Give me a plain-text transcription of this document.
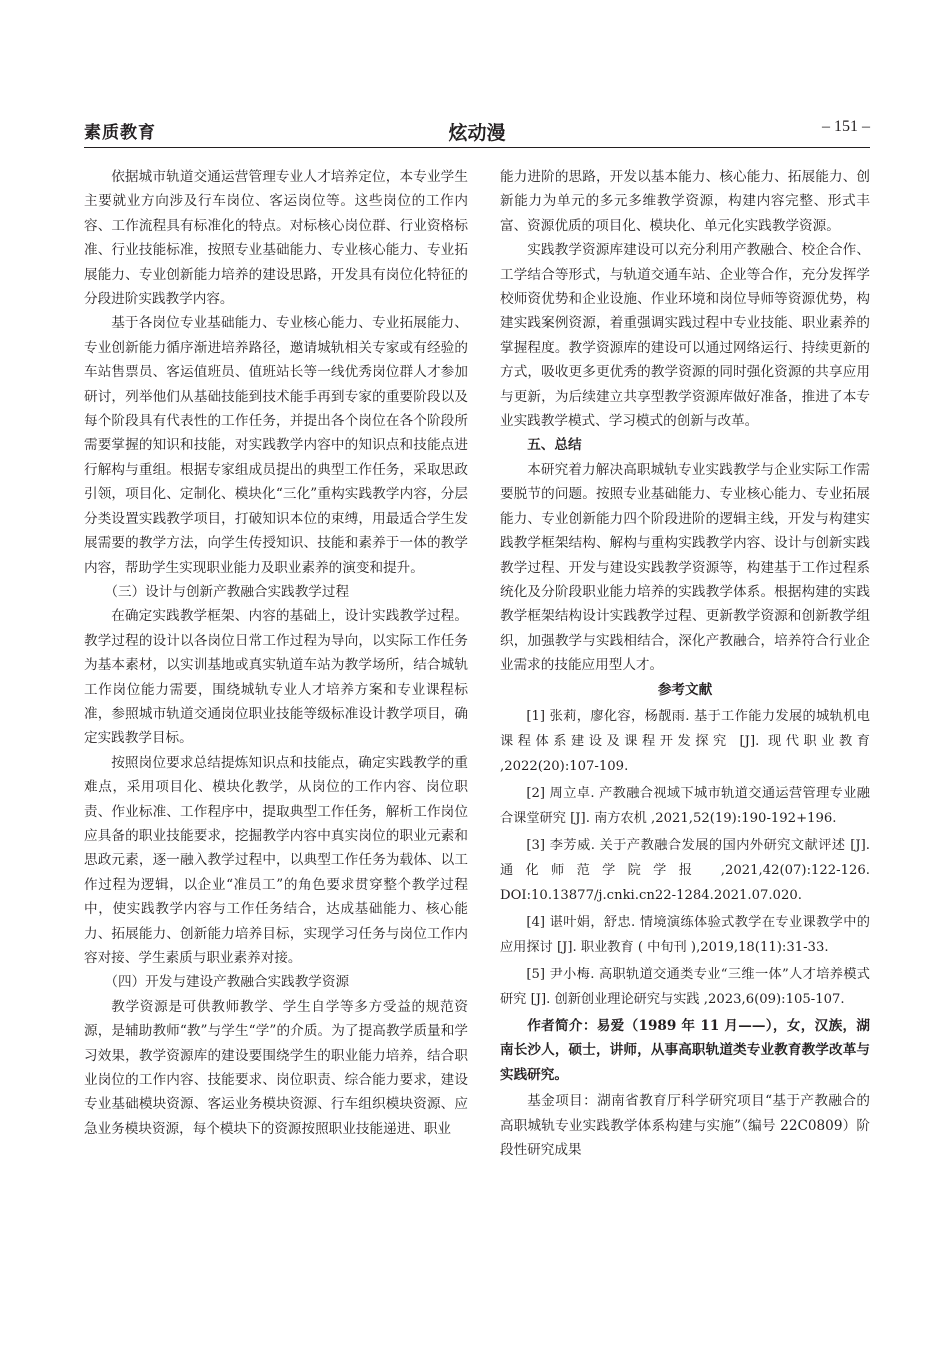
素质教育	炫动漫	– 151 –

依据城市轨道交通运营管理专业人才培养定位，本专业学生主要就业方向涉及行车岗位、客运岗位等。这些岗位的工作内容、工作流程具有标准化的特点。对标核心岗位群、行业资格标准、行业技能标准，按照专业基础能力、专业核心能力、专业拓展能力、专业创新能力培养的建设思路，开发具有岗位化特征的分段进阶实践教学内容。

基于各岗位专业基础能力、专业核心能力、专业拓展能力、专业创新能力循序渐进培养路径，邀请城轨相关专家或有经验的车站售票员、客运值班员、值班站长等一线优秀岗位群人才参加研讨，列举他们从基础技能到技术能手再到专家的重要阶段以及每个阶段具有代表性的工作任务，并提出各个岗位在各个阶段所需要掌握的知识和技能，对实践教学内容中的知识点和技能点进行解构与重组。根据专家组成员提出的典型工作任务，采取思政引领，项目化、定制化、模块化“三化”重构实践教学内容，分层分类设置实践教学项目，打破知识本位的束缚，用最适合学生发展需要的教学方法，向学生传授知识、技能和素养于一体的教学内容，帮助学生实现职业能力及职业素养的演变和提升。

（三）设计与创新产教融合实践教学过程

在确定实践教学框架、内容的基础上，设计实践教学过程。教学过程的设计以各岗位日常工作过程为导向，以实际工作任务为基本素材，以实训基地或真实轨道车站为教学场所，结合城轨工作岗位能力需要，围绕城轨专业人才培养方案和专业课程标准，参照城市轨道交通岗位职业技能等级标准设计教学项目，确定实践教学目标。

按照岗位要求总结提炼知识点和技能点，确定实践教学的重难点，采用项目化、模块化教学，从岗位的工作内容、岗位职责、作业标准、工作程序中，提取典型工作任务，解析工作岗位应具备的职业技能要求，挖掘教学内容中真实岗位的职业元素和思政元素，逐一融入教学过程中，以典型工作任务为载体、以工作过程为逻辑，以企业“准员工”的角色要求贯穿整个教学过程中，使实践教学内容与工作任务结合，达成基础能力、核心能力、拓展能力、创新能力培养目标，实现学习任务与岗位工作内容对接、学生素质与职业素养对接。

（四）开发与建设产教融合实践教学资源

教学资源是可供教师教学、学生自学等多方受益的规范资源，是辅助教师“教”与学生“学”的介质。为了提高教学质量和学习效果，教学资源库的建设要围绕学生的职业能力培养，结合职业岗位的工作内容、技能要求、岗位职责、综合能力要求，建设专业基础模块资源、客运业务模块资源、行车组织模块资源、应急业务模块资源，每个模块下的资源按照职业技能递进、职业

能力进阶的思路，开发以基本能力、核心能力、拓展能力、创新能力为单元的多元多维教学资源，构建内容完整、形式丰富、资源优质的项目化、模块化、单元化实践教学资源。

实践教学资源库建设可以充分利用产教融合、校企合作、工学结合等形式，与轨道交通车站、企业等合作，充分发挥学校师资优势和企业设施、作业环境和岗位导师等资源优势，构建实践案例资源，着重强调实践过程中专业技能、职业素养的掌握程度。教学资源库的建设可以通过网络运行、持续更新的方式，吸收更多更优秀的教学资源的同时强化资源的共享应用与更新，为后续建立共享型教学资源库做好准备，推进了本专业实践教学模式、学习模式的创新与改革。

五、总结

本研究着力解决高职城轨专业实践教学与企业实际工作需要脱节的问题。按照专业基础能力、专业核心能力、专业拓展能力、专业创新能力四个阶段进阶的逻辑主线，开发与构建实践教学框架结构、解构与重构实践教学内容、设计与创新实践教学过程、开发与建设实践教学资源等，构建基于工作过程系统化及分阶段职业能力培养的实践教学体系。根据构建的实践教学框架结构设计实践教学过程、更新教学资源和创新教学组织，加强教学与实践相结合，深化产教融合，培养符合行业企业需求的技能应用型人才。

参考文献

[1] 张莉，廖化容，杨靓雨. 基于工作能力发展的城轨机电课程体系建设及课程开发探究 [J]. 现代职业教育 ,2022(20):107-109.

[2] 周立卓. 产教融合视域下城市轨道交通运营管理专业融合课堂研究 [J]. 南方农机 ,2021,52(19):190-192+196.

[3] 李芳威. 关于产教融合发展的国内外研究文献评述 [J]. 通化师范学院学报 ,2021,42(07):122-126. DOI:10.13877/j.cnki.cn22-1284.2021.07.020.

[4] 谌叶娟，舒忠. 情境演练体验式教学在专业课教学中的应用探讨 [J]. 职业教育 ( 中旬刊 ),2019,18(11):31-33.

[5] 尹小梅. 高职轨道交通类专业“三维一体”人才培养模式研究 [J]. 创新创业理论研究与实践 ,2023,6(09):105-107.

作者简介：易爱（1989 年 11 月——），女，汉族，湖南长沙人，硕士，讲师，从事高职轨道类专业教育教学改革与实践研究。

基金项目：湖南省教育厅科学研究项目“基于产教融合的高职城轨专业实践教学体系构建与实施”（编号 22C0809）阶段性研究成果
